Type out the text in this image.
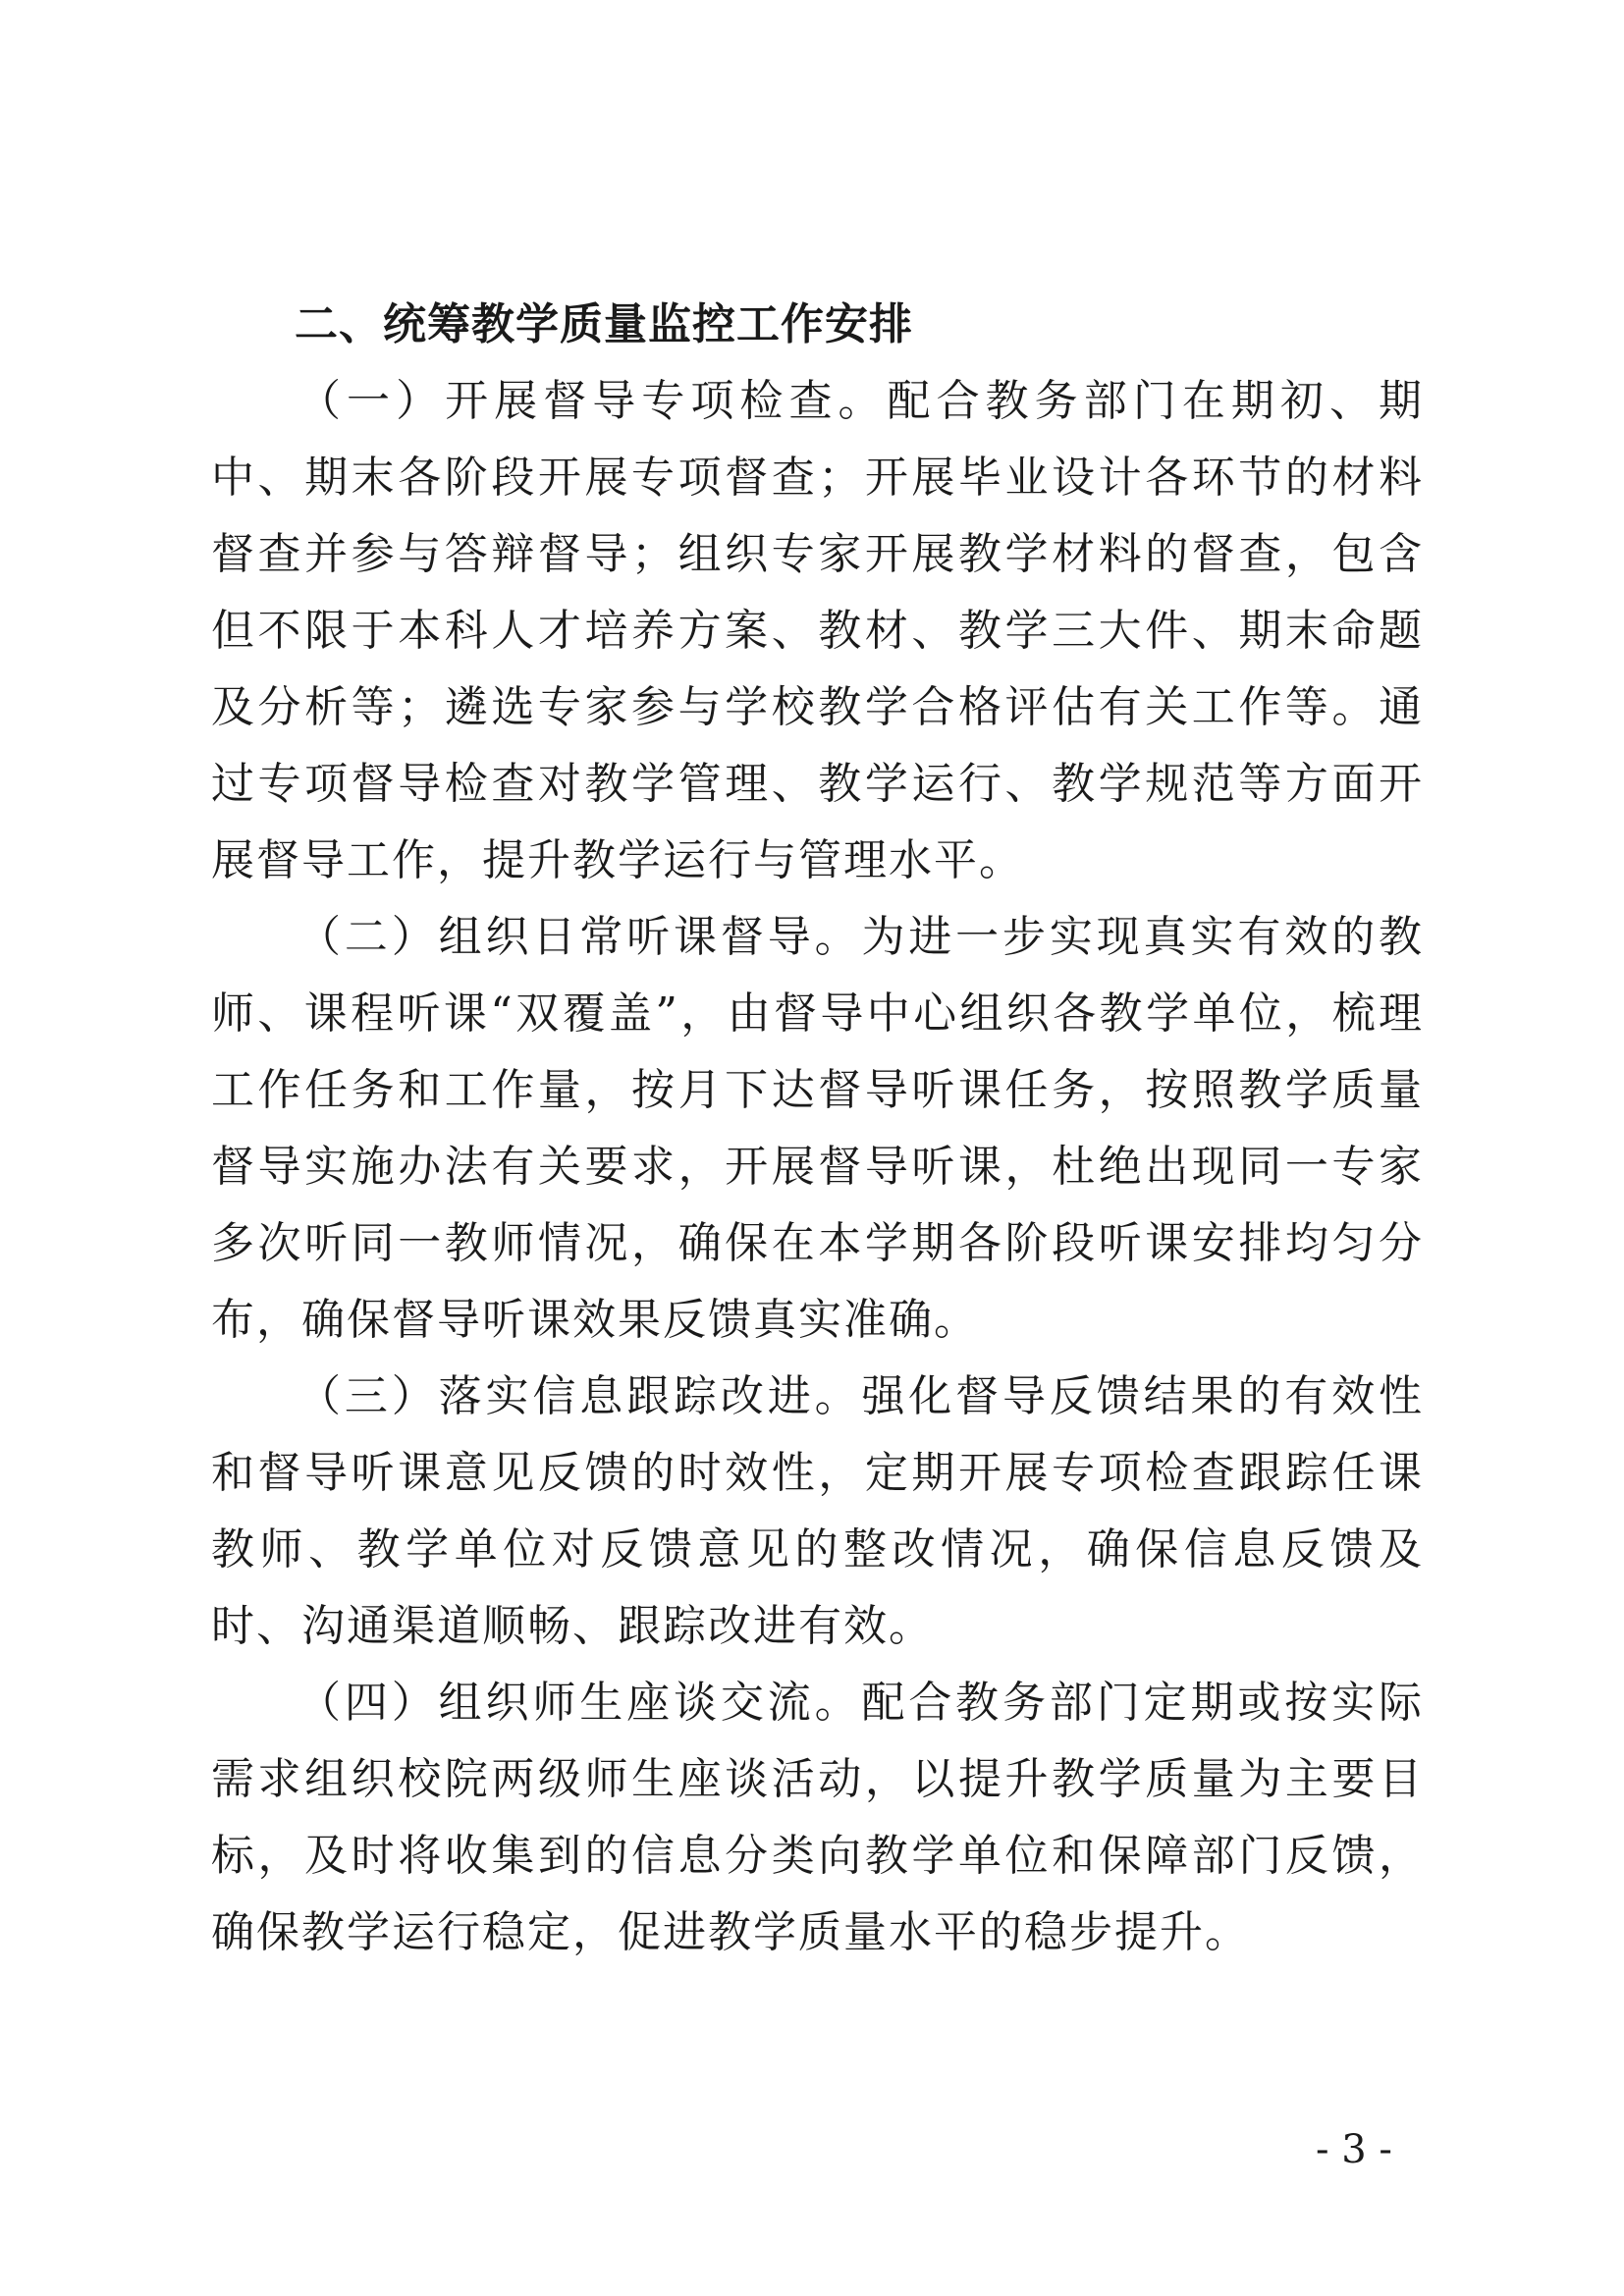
二、统筹教学质量监控工作安排

（一）开展督导专项检查。配合教务部门在期初、期中、期末各阶段开展专项督查；开展毕业设计各环节的材料督查并参与答辩督导；组织专家开展教学材料的督查，包含但不限于本科人才培养方案、教材、教学三大件、期末命题及分析等；遴选专家参与学校教学合格评估有关工作等。通过专项督导检查对教学管理、教学运行、教学规范等方面开展督导工作，提升教学运行与管理水平。

（二）组织日常听课督导。为进一步实现真实有效的教师、课程听课“双覆盖”，由督导中心组织各教学单位，梳理工作任务和工作量，按月下达督导听课任务，按照教学质量督导实施办法有关要求，开展督导听课，杜绝出现同一专家多次听同一教师情况，确保在本学期各阶段听课安排均匀分布，确保督导听课效果反馈真实准确。

（三）落实信息跟踪改进。强化督导反馈结果的有效性和督导听课意见反馈的时效性，定期开展专项检查跟踪任课教师、教学单位对反馈意见的整改情况，确保信息反馈及时、沟通渠道顺畅、跟踪改进有效。

（四）组织师生座谈交流。配合教务部门定期或按实际需求组织校院两级师生座谈活动，以提升教学质量为主要目标，及时将收集到的信息分类向教学单位和保障部门反馈，确保教学运行稳定，促进教学质量水平的稳步提升。

- 3 -
